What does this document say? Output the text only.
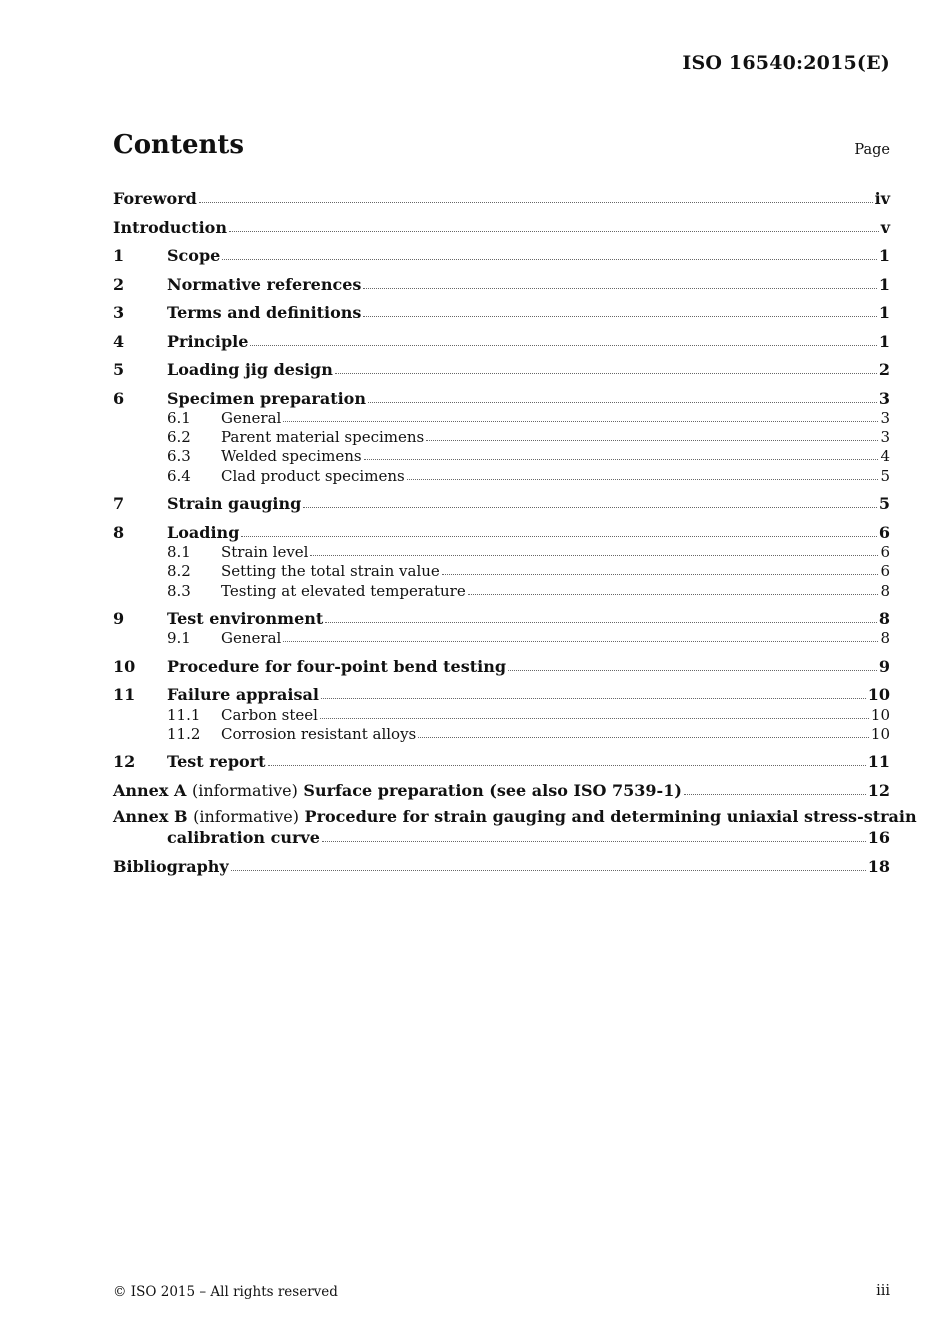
ISO 16540:2015(E)
Contents	Page
Foreword	iv
Introduction	v
1	Scope	1
2	Normative references	1
3	Terms and definitions	1
4	Principle	1
5	Loading jig design	2
6	Specimen preparation	3
6.1	General	3
6.2	Parent material specimens	3
6.3	Welded specimens	4
6.4	Clad product specimens	5
7	Strain gauging	5
8	Loading	6
8.1	Strain level	6
8.2	Setting the total strain value	6
8.3	Testing at elevated temperature	8
9	Test environment	8
9.1	General	8
10	Procedure for four-point bend testing	9
11	Failure appraisal	10
11.1	Carbon steel	10
11.2	Corrosion resistant alloys	10
12	Test report	11
Annex A (informative) Surface preparation (see also ISO 7539-1)	12
Annex B (informative) Procedure for strain gauging and determining uniaxial stress-strain
calibration curve	16
Bibliography	18
© ISO 2015 – All rights reserved	iii
